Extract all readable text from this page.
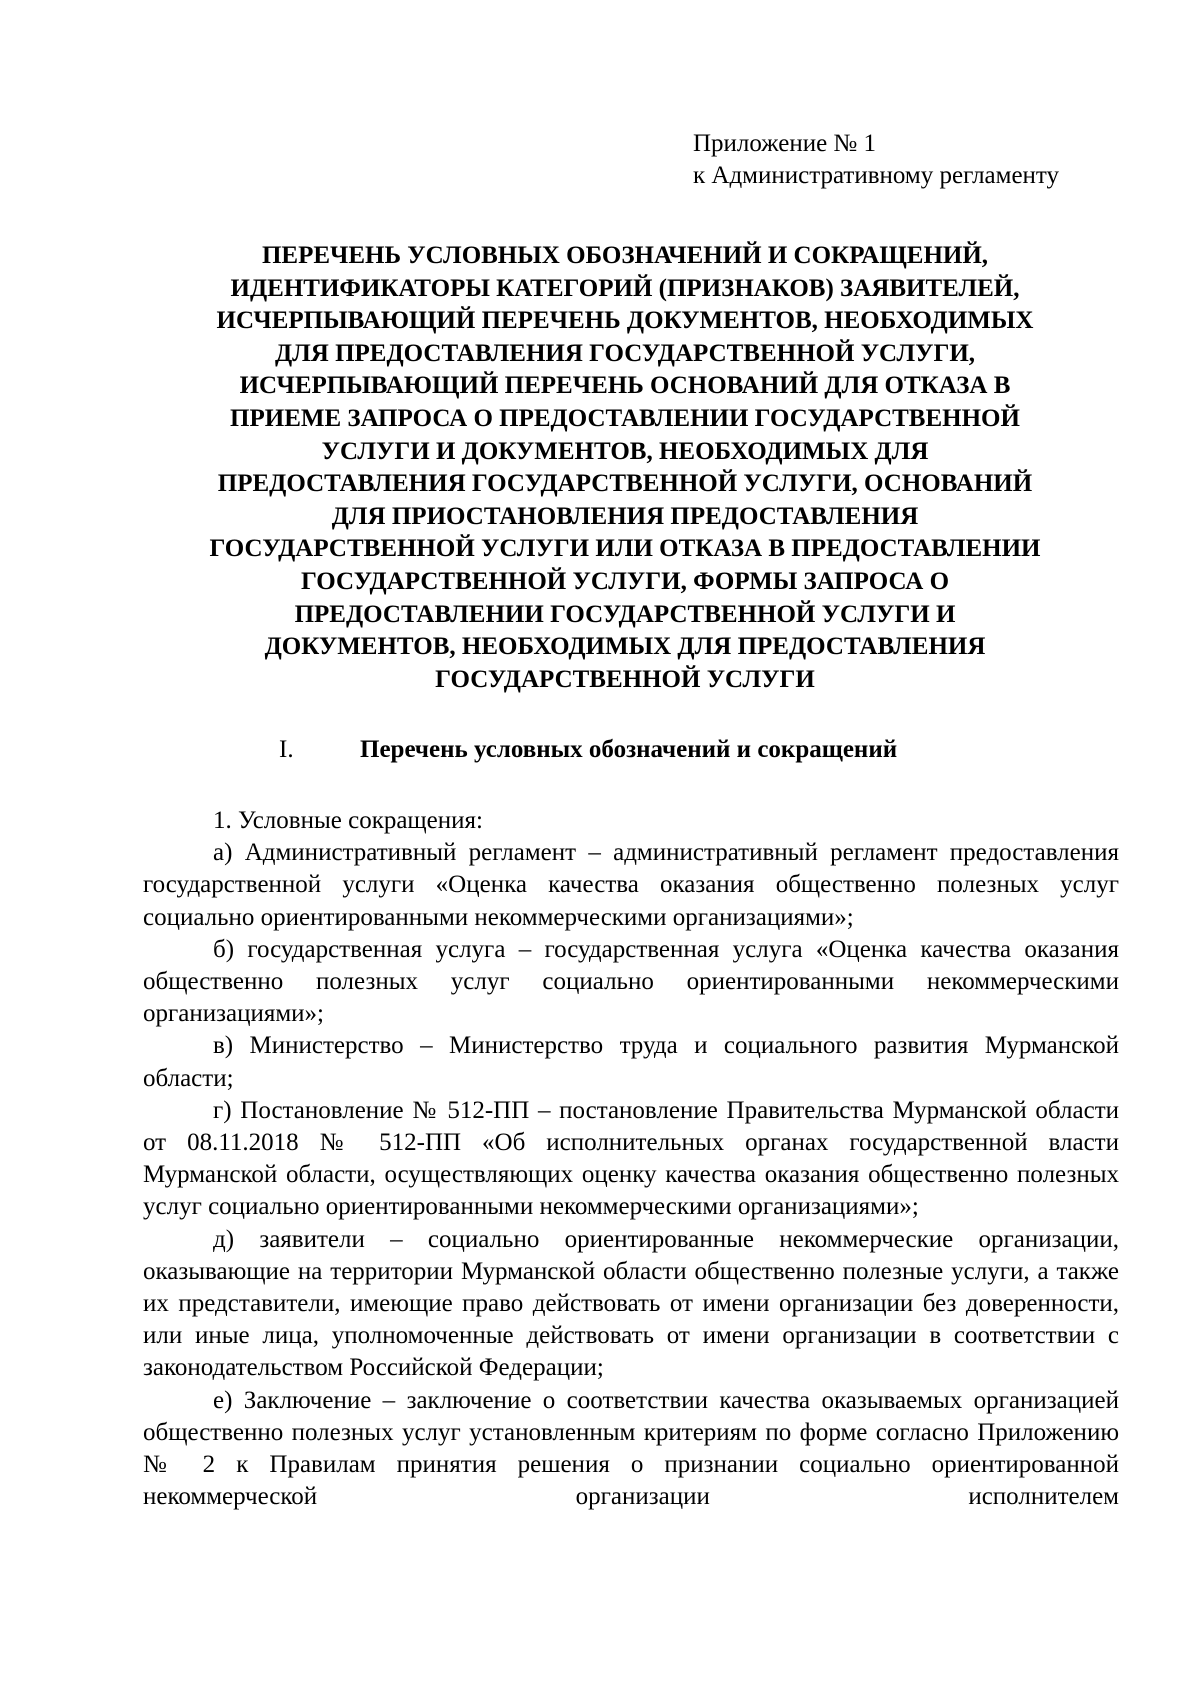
Приложение № 1
к Административному регламенту
ПЕРЕЧЕНЬ УСЛОВНЫХ ОБОЗНАЧЕНИЙ И СОКРАЩЕНИЙ,
ИДЕНТИФИКАТОРЫ КАТЕГОРИЙ (ПРИЗНАКОВ) ЗАЯВИТЕЛЕЙ,
ИСЧЕРПЫВАЮЩИЙ ПЕРЕЧЕНЬ ДОКУМЕНТОВ, НЕОБХОДИМЫХ
ДЛЯ ПРЕДОСТАВЛЕНИЯ ГОСУДАРСТВЕННОЙ УСЛУГИ,
ИСЧЕРПЫВАЮЩИЙ ПЕРЕЧЕНЬ ОСНОВАНИЙ ДЛЯ ОТКАЗА В
ПРИЕМЕ ЗАПРОСА О ПРЕДОСТАВЛЕНИИ ГОСУДАРСТВЕННОЙ
УСЛУГИ И ДОКУМЕНТОВ, НЕОБХОДИМЫХ ДЛЯ
ПРЕДОСТАВЛЕНИЯ ГОСУДАРСТВЕННОЙ УСЛУГИ, ОСНОВАНИЙ
ДЛЯ ПРИОСТАНОВЛЕНИЯ ПРЕДОСТАВЛЕНИЯ
ГОСУДАРСТВЕННОЙ УСЛУГИ ИЛИ ОТКАЗА В ПРЕДОСТАВЛЕНИИ
ГОСУДАРСТВЕННОЙ УСЛУГИ, ФОРМЫ ЗАПРОСА О
ПРЕДОСТАВЛЕНИИ ГОСУДАРСТВЕННОЙ УСЛУГИ И
ДОКУМЕНТОВ, НЕОБХОДИМЫХ ДЛЯ ПРЕДОСТАВЛЕНИЯ
ГОСУДАРСТВЕННОЙ УСЛУГИ
I.	Перечень условных обозначений и сокращений

1. Условные сокращения:

а) Административный регламент – административный регламент предоставления государственной услуги «Оценка качества оказания общественно полезных услуг социально ориентированными некоммерческими организациями»;

б) государственная услуга – государственная услуга «Оценка качества оказания общественно полезных услуг социально ориентированными некоммерческими организациями»;

в) Министерство – Министерство труда и социального развития Мурманской области;

г) Постановление № 512-ПП – постановление Правительства Мурманской области от 08.11.2018 № 512-ПП «Об исполнительных органах государственной власти Мурманской области, осуществляющих оценку качества оказания общественно полезных услуг социально ориентированными некоммерческими организациями»;

д) заявители – социально ориентированные некоммерческие организации, оказывающие на территории Мурманской области общественно полезные услуги, а также их представители, имеющие право действовать от имени организации без доверенности, или иные лица, уполномоченные действовать от имени организации в соответствии с законодательством Российской Федерации;

е) Заключение – заключение о соответствии качества оказываемых организацией общественно полезных услуг установленным критериям по форме согласно Приложению № 2 к Правилам принятия решения о признании социально ориентированной некоммерческой организации исполнителем
